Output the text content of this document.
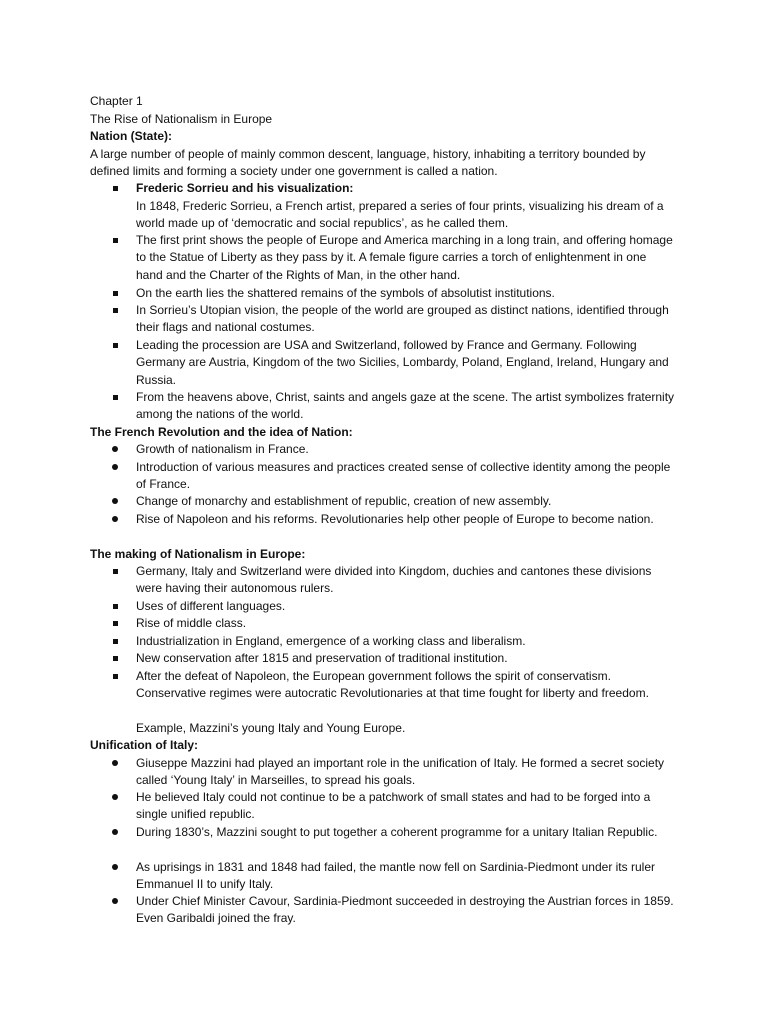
Chapter 1
The Rise of Nationalism in Europe
Nation (State):
A large number of people of mainly common descent, language, history, inhabiting a territory bounded by defined limits and forming a society under one government is called a nation.
Frederic Sorrieu and his visualization:
In 1848, Frederic Sorrieu, a French artist, prepared a series of four prints, visualizing his dream of a world made up of ‘democratic and social republics’, as he called them.
The first print shows the people of Europe and America marching in a long train, and offering homage to the Statue of Liberty as they pass by it. A female figure carries a torch of enlightenment in one hand and the Charter of the Rights of Man, in the other hand.
On the earth lies the shattered remains of the symbols of absolutist institutions.
In Sorrieu’s Utopian vision, the people of the world are grouped as distinct nations, identified through their flags and national costumes.
Leading the procession are USA and Switzerland, followed by France and Germany. Following Germany are Austria, Kingdom of the two Sicilies, Lombardy, Poland, England, Ireland, Hungary and Russia.
From the heavens above, Christ, saints and angels gaze at the scene. The artist symbolizes fraternity among the nations of the world.
The French Revolution and the idea of Nation:
Growth of nationalism in France.
Introduction of various measures and practices created sense of collective identity among the people of France.
Change of monarchy and establishment of republic, creation of new assembly.
Rise of Napoleon and his reforms. Revolutionaries help other people of Europe to become nation.
The making of Nationalism in Europe:
Germany, Italy and Switzerland were divided into Kingdom, duchies and cantones these divisions were having their autonomous rulers.
Uses of different languages.
Rise of middle class.
Industrialization in England, emergence of a working class and liberalism.
New conservation after 1815 and preservation of traditional institution.
After the defeat of Napoleon, the European government follows the spirit of conservatism. Conservative regimes were autocratic Revolutionaries at that time fought for liberty and freedom.
Example, Mazzini’s young Italy and Young Europe.
Unification of Italy:
Giuseppe Mazzini had played an important role in the unification of Italy. He formed a secret society called ‘Young Italy’ in Marseilles, to spread his goals.
He believed Italy could not continue to be a patchwork of small states and had to be forged into a single unified republic.
During 1830’s, Mazzini sought to put together a coherent programme for a unitary Italian Republic.
As uprisings in 1831 and 1848 had failed, the mantle now fell on Sardinia-Piedmont under its ruler Emmanuel II to unify Italy.
Under Chief Minister Cavour, Sardinia-Piedmont succeeded in destroying the Austrian forces in 1859. Even Garibaldi joined the fray.
